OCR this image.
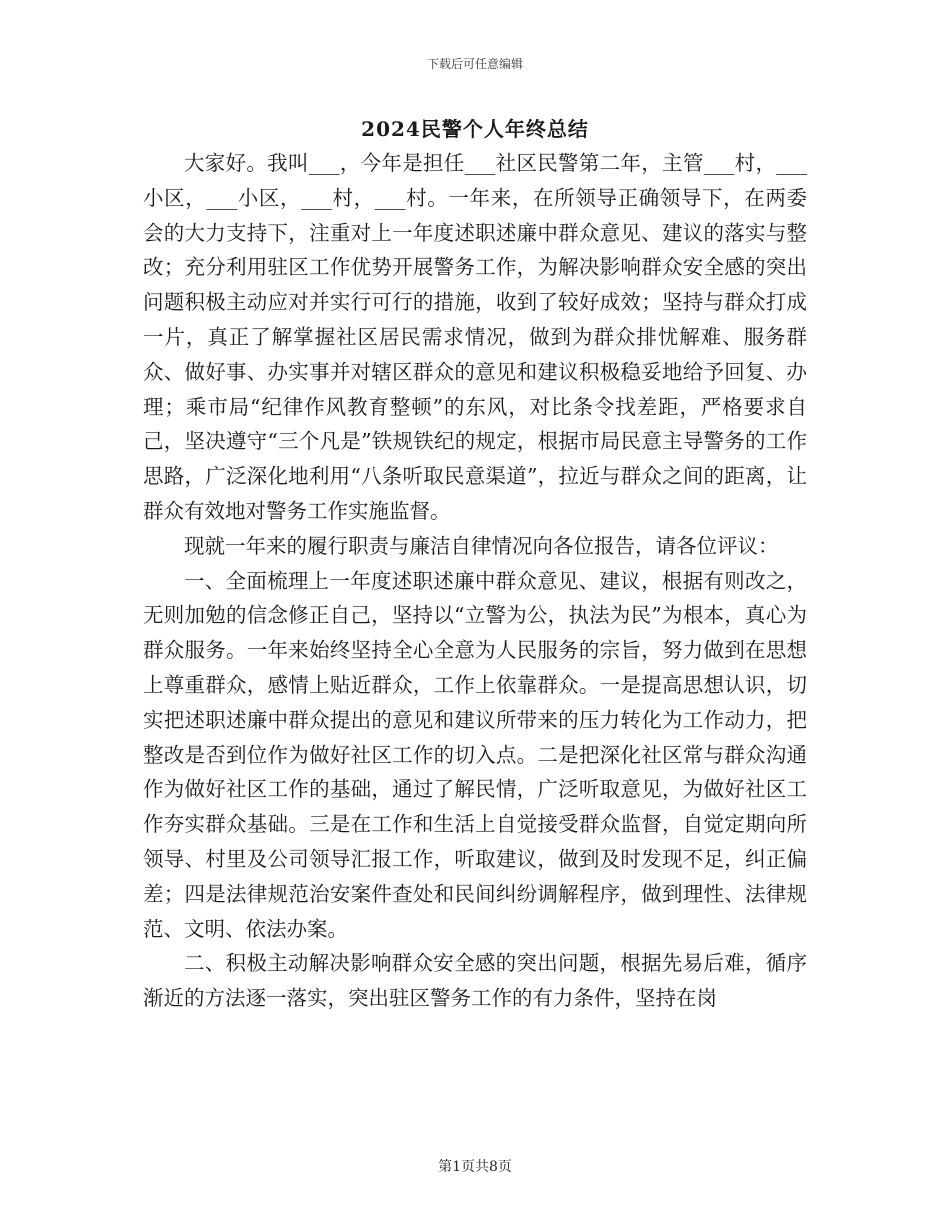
下载后可任意编辑
2024民警个人年终总结

大家好。我叫___，今年是担任___社区民警第二年，主管___村，___小区，___小区，___村，___村。一年来，在所领导正确领导下，在两委会的大力支持下，注重对上一年度述职述廉中群众意见、建议的落实与整改；充分利用驻区工作优势开展警务工作，为解决影响群众安全感的突出问题积极主动应对并实行可行的措施，收到了较好成效；坚持与群众打成一片，真正了解掌握社区居民需求情况，做到为群众排忧解难、服务群众、做好事、办实事并对辖区群众的意见和建议积极稳妥地给予回复、办理；乘市局“纪律作风教育整顿”的东风，对比条令找差距，严格要求自己，坚决遵守“三个凡是”铁规铁纪的规定，根据市局民意主导警务的工作思路，广泛深化地利用“八条听取民意渠道”，拉近与群众之间的距离，让群众有效地对警务工作实施监督。

现就一年来的履行职责与廉洁自律情况向各位报告，请各位评议：

一、全面梳理上一年度述职述廉中群众意见、建议，根据有则改之，无则加勉的信念修正自己，坚持以“立警为公，执法为民”为根本，真心为群众服务。一年来始终坚持全心全意为人民服务的宗旨，努力做到在思想上尊重群众，感情上贴近群众，工作上依靠群众。一是提高思想认识，切实把述职述廉中群众提出的意见和建议所带来的压力转化为工作动力，把整改是否到位作为做好社区工作的切入点。二是把深化社区常与群众沟通作为做好社区工作的基础，通过了解民情，广泛听取意见，为做好社区工作夯实群众基础。三是在工作和生活上自觉接受群众监督，自觉定期向所领导、村里及公司领导汇报工作，听取建议，做到及时发现不足，纠正偏差；四是法律规范治安案件查处和民间纠纷调解程序，做到理性、法律规范、文明、依法办案。

二、积极主动解决影响群众安全感的突出问题，根据先易后难，循序渐近的方法逐一落实，突出驻区警务工作的有力条件，坚持在岗

第1页共8页
